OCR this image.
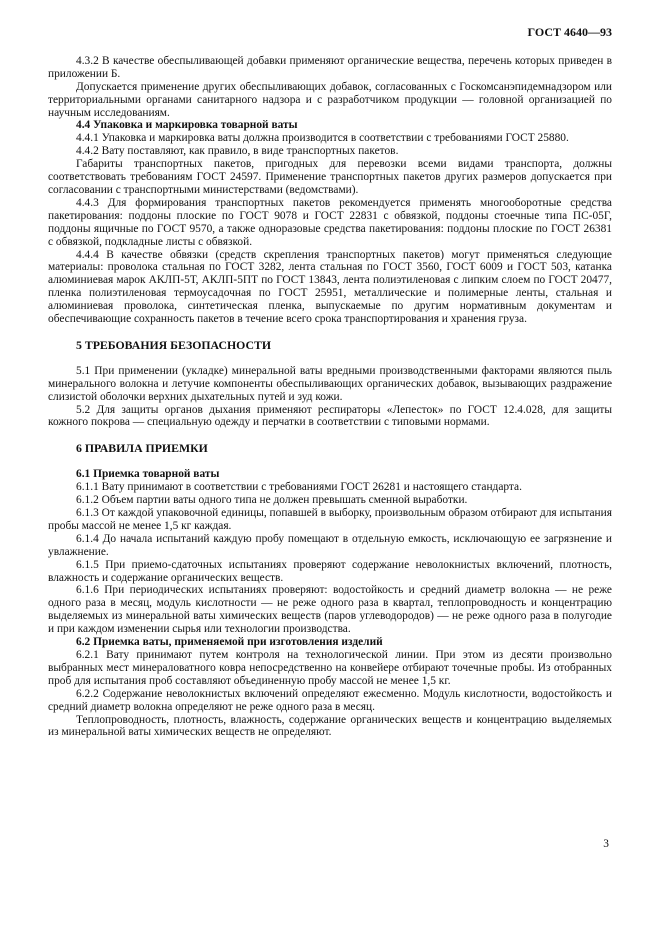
ГОСТ 4640—93

4.3.2 В качестве обеспыливающей добавки применяют органические вещества, перечень которых приведен в приложении Б.

Допускается применение других обеспыливающих добавок, согласованных с Госкомсанэпидемнадзором или территориальными органами санитарного надзора и с разработчиком продукции — головной организацией по научным исследованиям.

4.4 Упаковка и маркировка товарной ваты

4.4.1 Упаковка и маркировка ваты должна производится в соответствии с требованиями ГОСТ 25880.

4.4.2 Вату поставляют, как правило, в виде транспортных пакетов.

Габариты транспортных пакетов, пригодных для перевозки всеми видами транспорта, должны соответствовать требованиям ГОСТ 24597. Применение транспортных пакетов других размеров допускается при согласовании с транспортными министерствами (ведомствами).

4.4.3 Для формирования транспортных пакетов рекомендуется применять многооборотные средства пакетирования: поддоны плоские по ГОСТ 9078 и ГОСТ 22831 с обвязкой, поддоны стоечные типа ПС-05Г, поддоны ящичные по ГОСТ 9570, а также одноразовые средства пакетирования: поддоны плоские по ГОСТ 26381 с обвязкой, подкладные листы с обвязкой.

4.4.4 В качестве обвязки (средств скрепления транспортных пакетов) могут применяться следующие материалы: проволока стальная по ГОСТ 3282, лента стальная по ГОСТ 3560, ГОСТ 6009 и ГОСТ 503, катанка алюминиевая марок АКЛП-5Т, АКЛП-5ПТ по ГОСТ 13843, лента полиэтиленовая с липким слоем по ГОСТ 20477, пленка полиэтиленовая термоусадочная по ГОСТ 25951, металлические и полимерные ленты, стальная и алюминиевая проволока, синтетическая пленка, выпускаемые по другим нормативным документам и обеспечивающие сохранность пакетов в течение всего срока транспортирования и хранения груза.

5 ТРЕБОВАНИЯ БЕЗОПАСНОСТИ

5.1 При применении (укладке) минеральной ваты вредными производственными факторами являются пыль минерального волокна и летучие компоненты обеспыливающих органических добавок, вызывающих раздражение слизистой оболочки верхних дыхательных путей и зуд кожи.

5.2 Для защиты органов дыхания применяют респираторы «Лепесток» по ГОСТ 12.4.028, для защиты кожного покрова — специальную одежду и перчатки в соответствии с типовыми нормами.

6 ПРАВИЛА ПРИЕМКИ

6.1 Приемка товарной ваты

6.1.1 Вату принимают в соответствии с требованиями ГОСТ 26281 и настоящего стандарта.

6.1.2 Объем партии ваты одного типа не должен превышать сменной выработки.

6.1.3 От каждой упаковочной единицы, попавшей в выборку, произвольным образом отбирают для испытания пробы массой не менее 1,5 кг каждая.

6.1.4 До начала испытаний каждую пробу помещают в отдельную емкость, исключающую ее загрязнение и увлажнение.

6.1.5 При приемо-сдаточных испытаниях проверяют содержание неволокнистых включений, плотность, влажность и содержание органических веществ.

6.1.6 При периодических испытаниях проверяют: водостойкость и средний диаметр волокна — не реже одного раза в месяц, модуль кислотности — не реже одного раза в квартал, теплопроводность и концентрацию выделяемых из минеральной ваты химических веществ (паров углеводородов) — не реже одного раза в полугодие и при каждом изменении сырья или технологии производства.

6.2 Приемка ваты, применяемой при изготовления изделий

6.2.1 Вату принимают путем контроля на технологической линии. При этом из десяти произвольно выбранных мест минераловатного ковра непосредственно на конвейере отбирают точечные пробы. Из отобранных проб для испытания проб составляют объединенную пробу массой не менее 1,5 кг.

6.2.2 Содержание неволокнистых включений определяют ежесменно. Модуль кислотности, водостойкость и средний диаметр волокна определяют не реже одного раза в месяц.

Теплопроводность, плотность, влажность, содержание органических веществ и концентрацию выделяемых из минеральной ваты химических веществ не определяют.

3
